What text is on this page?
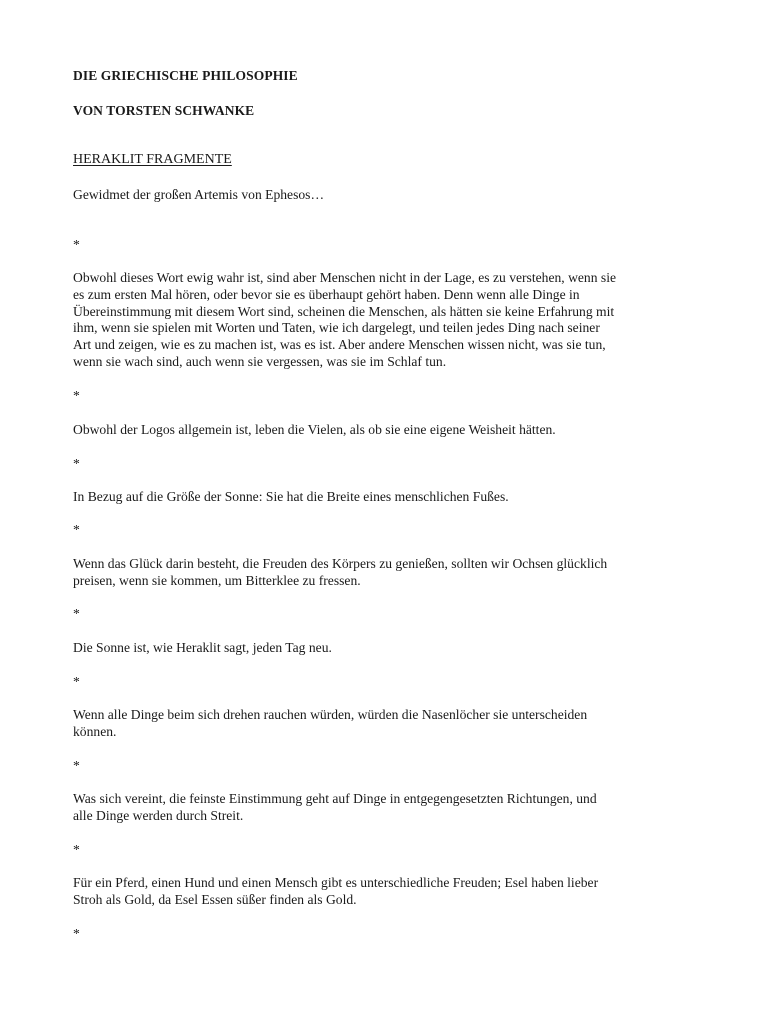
DIE GRIECHISCHE PHILOSOPHIE
VON TORSTEN SCHWANKE
HERAKLIT FRAGMENTE
Gewidmet der großen Artemis von Ephesos…
*
Obwohl dieses Wort ewig wahr ist, sind aber Menschen nicht in der Lage, es zu verstehen, wenn sie
es zum ersten Mal hören, oder bevor sie es überhaupt gehört haben. Denn wenn alle Dinge in
Übereinstimmung mit diesem Wort sind, scheinen die Menschen, als hätten sie keine Erfahrung mit
ihm, wenn sie spielen mit Worten und Taten, wie ich dargelegt, und teilen jedes Ding nach seiner
Art und zeigen, wie es zu machen ist, was es ist. Aber andere Menschen wissen nicht, was sie tun,
wenn sie wach sind, auch wenn sie vergessen, was sie im Schlaf tun.
*
Obwohl der Logos allgemein ist, leben die Vielen, als ob sie eine eigene Weisheit hätten.
*
In Bezug auf die Größe der Sonne: Sie hat die Breite eines menschlichen Fußes.
*
Wenn das Glück darin besteht, die Freuden des Körpers zu genießen, sollten wir Ochsen glücklich
preisen, wenn sie kommen, um Bitterklee zu fressen.
*
Die Sonne ist, wie Heraklit sagt, jeden Tag neu.
*
Wenn alle Dinge beim sich drehen rauchen würden, würden die Nasenlöcher sie unterscheiden
können.
*
Was sich vereint, die feinste Einstimmung geht auf Dinge in entgegengesetzten Richtungen, und
alle Dinge werden durch Streit.
*
Für ein Pferd, einen Hund und einen Mensch gibt es unterschiedliche Freuden; Esel haben lieber
Stroh als Gold, da Esel Essen süßer finden als Gold.
*
